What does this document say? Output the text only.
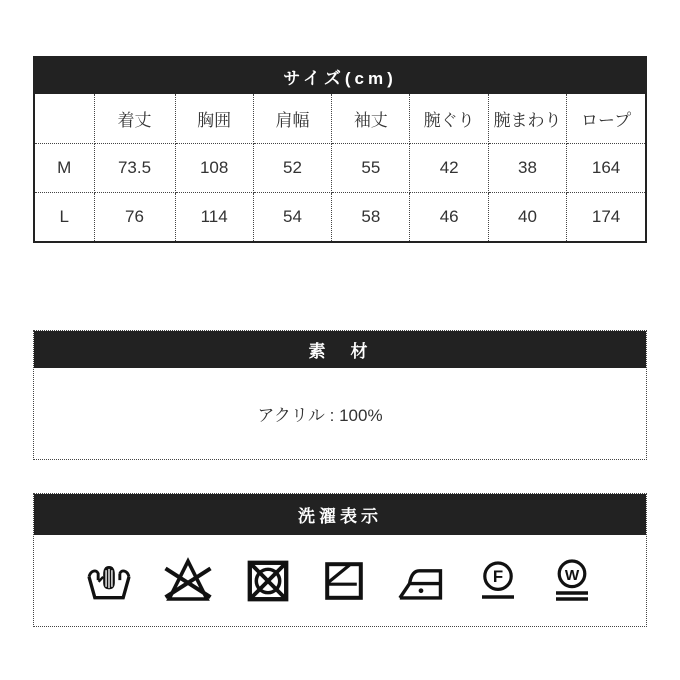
サイズ(cm)
	着丈	胸囲	肩幅	袖丈	腕ぐり	腕まわり	ロープ
M	73.5	108	52	55	42	38	164
L	76	114	54	58	46	40	174
素　材
アクリル : 100%
洗濯表示
F	W
